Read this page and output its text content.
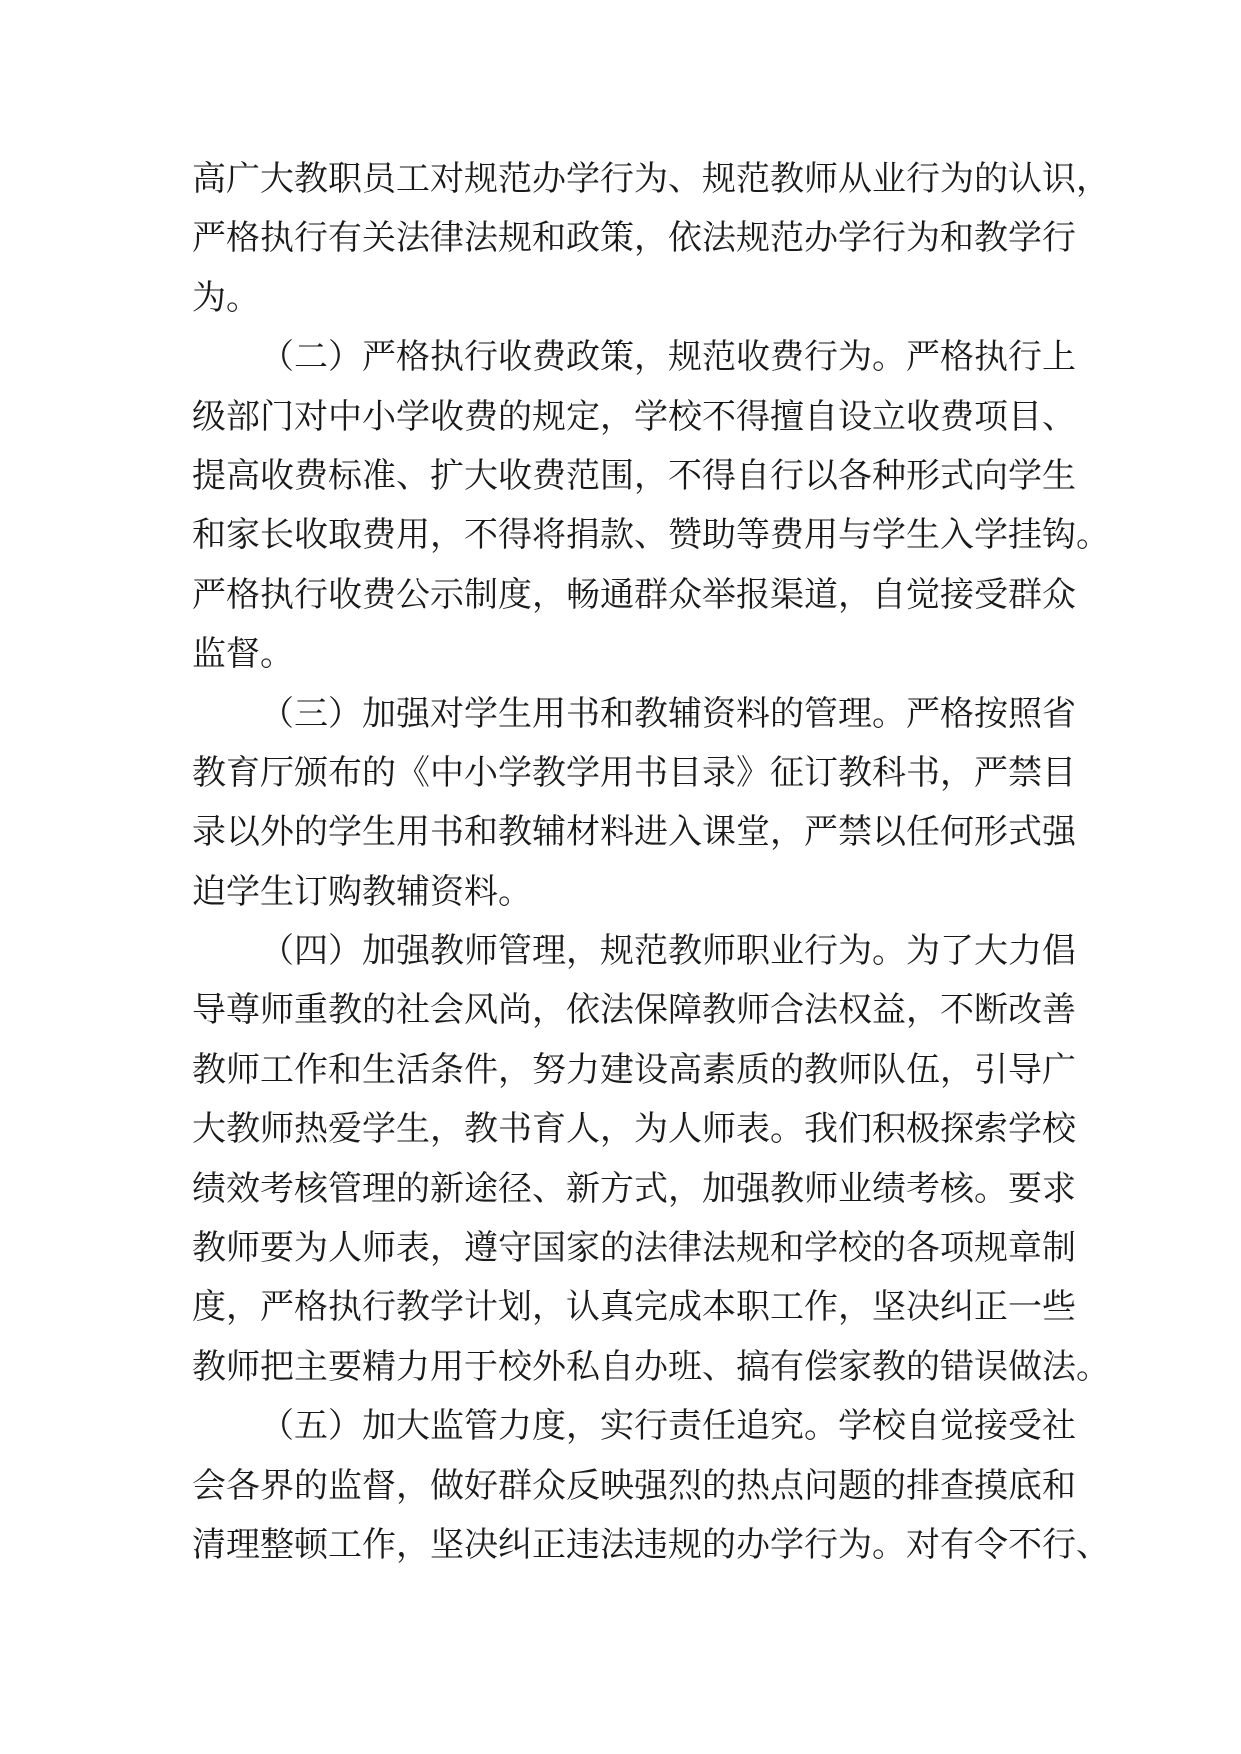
高广大教职员工对规范办学行为、规范教师从业行为的认识，
严格执行有关法律法规和政策，依法规范办学行为和教学行
为。
（二）严格执行收费政策，规范收费行为。严格执行上
级部门对中小学收费的规定，学校不得擅自设立收费项目、
提高收费标准、扩大收费范围，不得自行以各种形式向学生
和家长收取费用，不得将捐款、赞助等费用与学生入学挂钩。
严格执行收费公示制度，畅通群众举报渠道，自觉接受群众
监督。
（三）加强对学生用书和教辅资料的管理。严格按照省
教育厅颁布的《中小学教学用书目录》征订教科书，严禁目
录以外的学生用书和教辅材料进入课堂，严禁以任何形式强
迫学生订购教辅资料。
（四）加强教师管理，规范教师职业行为。为了大力倡
导尊师重教的社会风尚，依法保障教师合法权益，不断改善
教师工作和生活条件，努力建设高素质的教师队伍，引导广
大教师热爱学生，教书育人，为人师表。我们积极探索学校
绩效考核管理的新途径、新方式，加强教师业绩考核。要求
教师要为人师表，遵守国家的法律法规和学校的各项规章制
度，严格执行教学计划，认真完成本职工作，坚决纠正一些
教师把主要精力用于校外私自办班、搞有偿家教的错误做法。
（五）加大监管力度，实行责任追究。学校自觉接受社
会各界的监督，做好群众反映强烈的热点问题的排查摸底和
清理整顿工作，坚决纠正违法违规的办学行为。对有令不行、
